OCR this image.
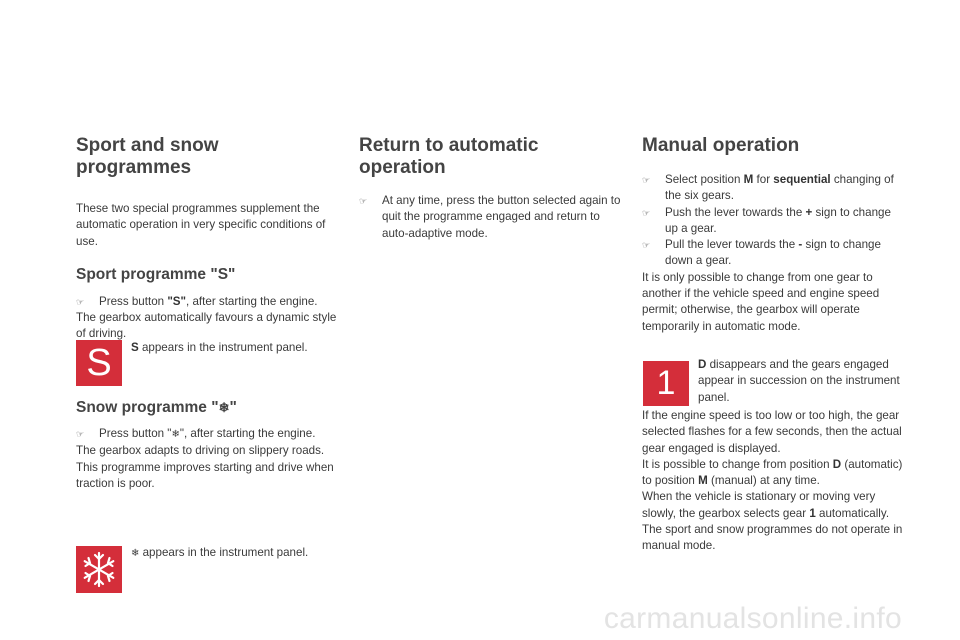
Sport and snow programmes

These two special programmes supplement the automatic operation in very specific conditions of use.

Sport programme "S"
☞
Press button "S", after starting the engine.

The gearbox automatically favours a dynamic style of driving.

S	S appears in the instrument panel.

Snow programme "❄"
☞
Press button "❄", after starting the engine.

The gearbox adapts to driving on slippery roads.

This programme improves starting and drive when traction is poor.

❄ appears in the instrument panel.

Return to automatic operation
☞
At any time, press the button selected again to quit the programme engaged and return to auto-adaptive mode.
Manual operation
☞
Select position M for sequential changing of the six gears.
☞
Push the lever towards the + sign to change up a gear.
☞
Pull the lever towards the - sign to change down a gear.

It is only possible to change from one gear to another if the vehicle speed and engine speed permit; otherwise, the gearbox will operate temporarily in automatic mode.

1	D disappears and the gears engaged appear in succession on the instrument panel.

If the engine speed is too low or too high, the gear selected flashes for a few seconds, then the actual gear engaged is displayed.

It is possible to change from position D (automatic) to position M (manual) at any time.

When the vehicle is stationary or moving very slowly, the gearbox selects gear 1 automatically.

The sport and snow programmes do not operate in manual mode.

carmanualsonline.info
